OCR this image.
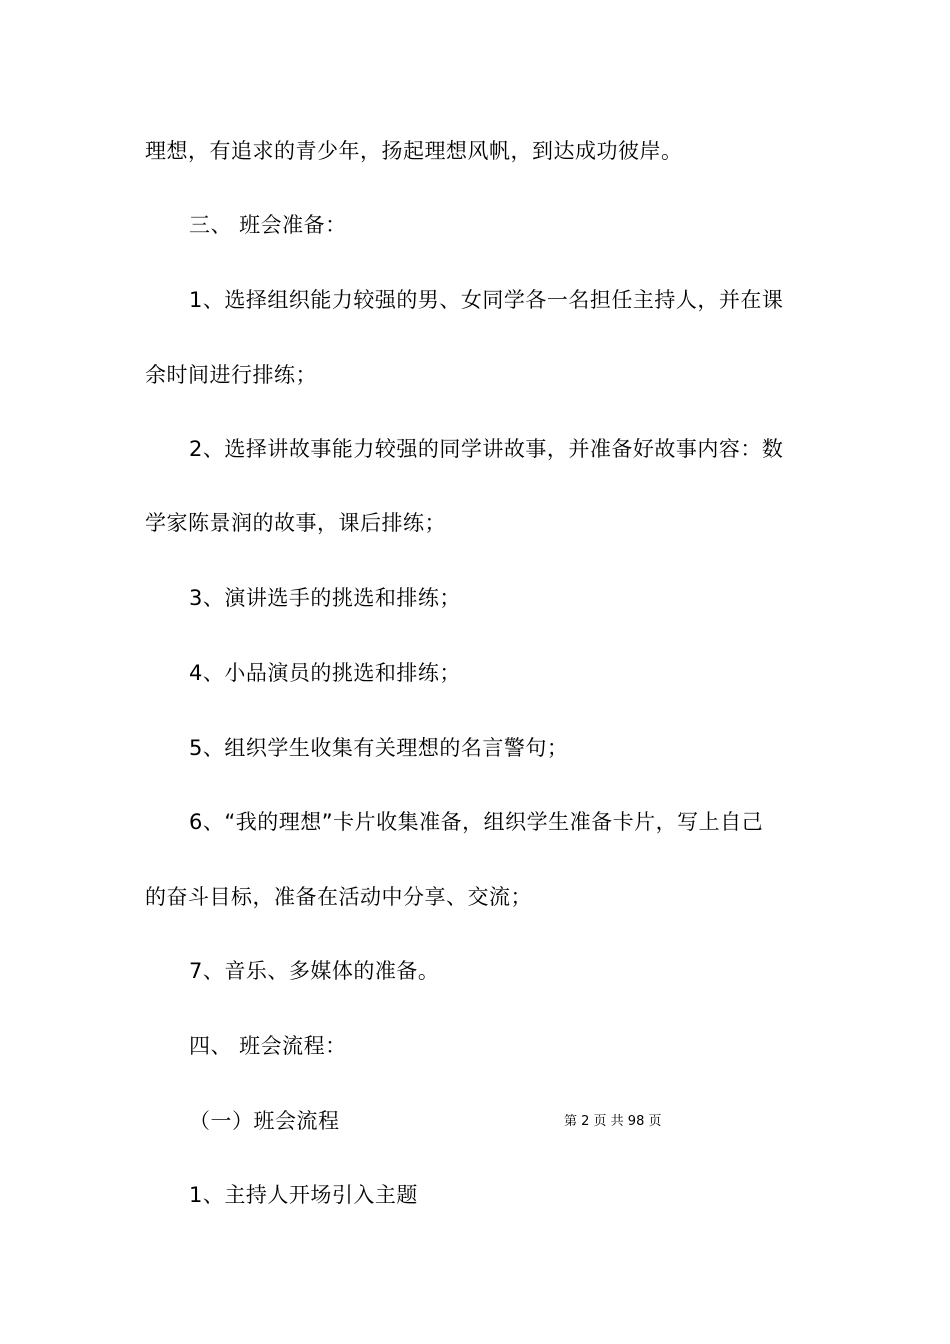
理想，有追求的青少年，扬起理想风帆，到达成功彼岸。
三、 班会准备：
1、选择组织能力较强的男、女同学各一名担任主持人，并在课
余时间进行排练；
2、选择讲故事能力较强的同学讲故事，并准备好故事内容：数
学家陈景润的故事，课后排练；
3、演讲选手的挑选和排练；
4、小品演员的挑选和排练；
5、组织学生收集有关理想的名言警句；
6、“我的理想”卡片收集准备，组织学生准备卡片，写上自己
的奋斗目标，准备在活动中分享、交流；
7、音乐、多媒体的准备。
四、 班会流程：
（一）班会流程	第 2 页 共 98 页
1、主持人开场引入主题
